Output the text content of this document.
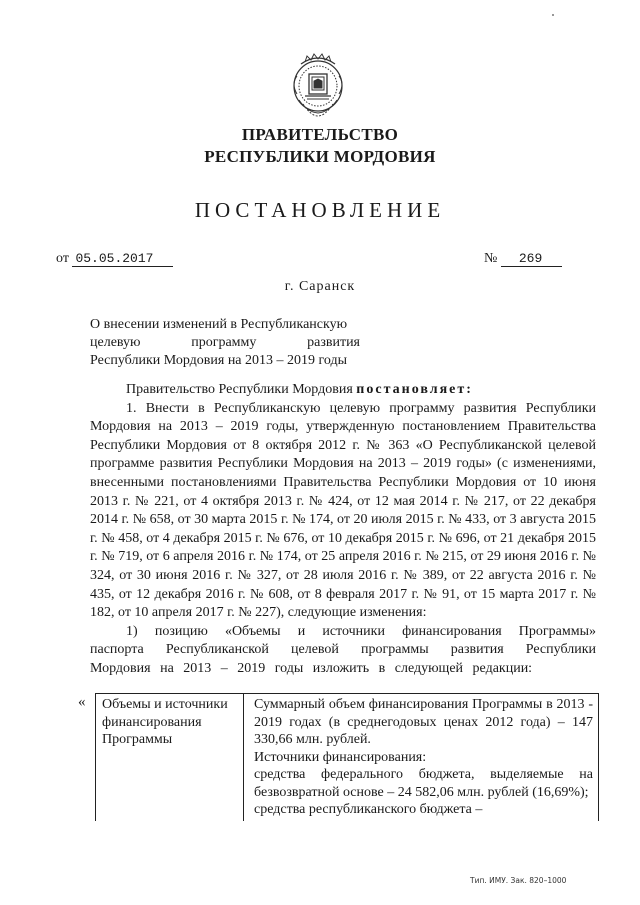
ПРАВИТЕЛЬСТВО
РЕСПУБЛИКИ МОРДОВИЯ
ПОСТАНОВЛЕНИЕ
от 05.05.2017	№ 269
г. Саранск
О внесении изменений в Республиканскую
целевую программу развития
Республики Мордовия на 2013 – 2019 годы

Правительство Республики Мордовия постановляет:

1. Внести в Республиканскую целевую программу развития Республики Мордовия на 2013 – 2019 годы, утвержденную постановлением Правительства Республики Мордовия от 8 октября 2012 г. № 363 «О Республиканской целевой программе развития Республики Мордовия на 2013 – 2019 годы» (с изменениями, внесенными постановлениями Правительства Республики Мордовия от 10 июня 2013 г. № 221, от 4 октября 2013 г. № 424, от 12 мая 2014 г. № 217, от 22 декабря 2014 г. № 658, от 30 марта 2015 г. № 174, от 20 июля 2015 г. № 433, от 3 августа 2015 г. № 458, от 4 декабря 2015 г. № 676, от 10 декабря 2015 г. № 696, от 21 декабря 2015 г. № 719, от 6 апреля 2016 г. № 174, от 25 апреля 2016 г. № 215, от 29 июня 2016 г. № 324, от 30 июня 2016 г. № 327, от 28 июля 2016 г. № 389, от 22 августа 2016 г. № 435, от 12 декабря 2016 г. № 608, от 8 февраля 2017 г. № 91, от 15 марта 2017 г. № 182, от 10 апреля 2017 г. № 227), следующие изменения:

1) позицию «Объемы и источники финансирования Программы» паспорта Республиканской целевой программы развития Республики Мордовия на 2013 – 2019 годы изложить в следующей редакции:

«	Объемы и источники финансирования Программы

Суммарный объем финансирования Программы в 2013 - 2019 годах (в среднегодовых ценах 2012 года) – 147 330,66 млн. рублей.

Источники финансирования:

средства федерального бюджета, выделяемые на безвозвратной основе – 24 582,06 млн. рублей (16,69%);

средства республиканского бюджета –

Тип. ИМУ. Зак. 820–1000
